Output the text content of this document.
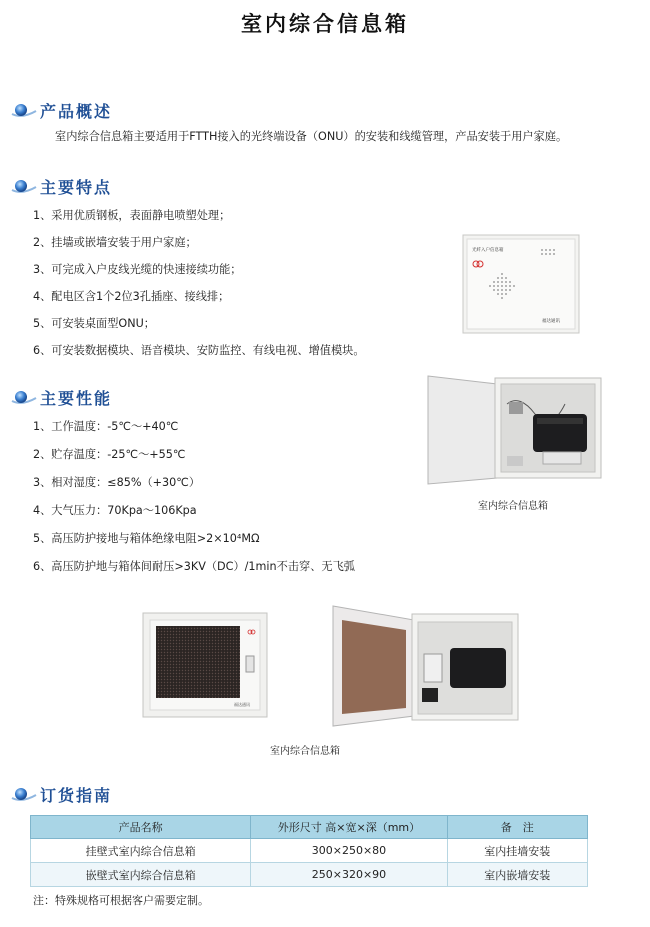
室内综合信息箱
产品概述
室内综合信息箱主要适用于FTTH接入的光终端设备（ONU）的安装和线缆管理，产品安装于用户家庭。
主要特点
1、采用优质钢板，表面静电喷塑处理；
2、挂墙或嵌墙安装于用户家庭；
3、可完成入户皮线光缆的快速接续功能；
4、配电区含1个2位3孔插座、接线排；
5、可安装桌面型ONU；
6、可安装数据模块、语音模块、安防监控、有线电视、增值模块。
光纤入户信息箱
福达通讯
主要性能
1、工作温度：-5℃～+40℃
2、贮存温度：-25℃～+55℃
3、相对湿度：≤85%（+30℃）
4、大气压力：70Kpa～106Kpa
5、高压防护接地与箱体绝缘电阻>2×10⁴MΩ
6、高压防护地与箱体间耐压>3KV（DC）/1min不击穿、无飞弧
室内综合信息箱
福达通讯
室内综合信息箱
订货指南
产品名称	外形尺寸 高×宽×深（mm）	备　注
挂壁式室内综合信息箱	300×250×80	室内挂墙安装
嵌壁式室内综合信息箱	250×320×90	室内嵌墙安装
注：特殊规格可根据客户需要定制。
